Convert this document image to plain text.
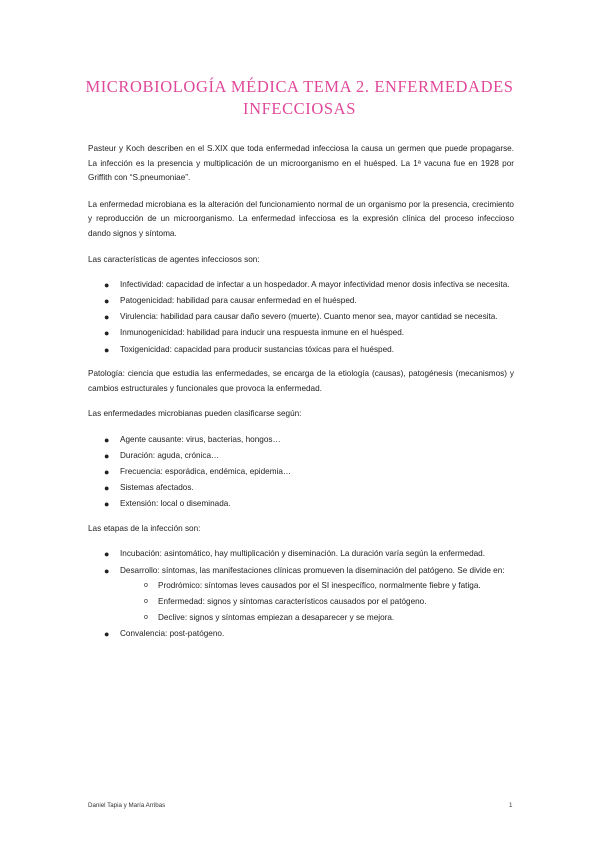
MICROBIOLOGÍA MÉDICA TEMA 2. ENFERMEDADES INFECCIOSAS

Pasteur y Koch describen en el S.XIX que toda enfermedad infecciosa la causa un germen que puede propagarse. La infección es la presencia y multiplicación de un microorganismo en el huésped. La 1ª vacuna fue en 1928 por Griffith con “S.pneumoniae”.

La enfermedad microbiana es la alteración del funcionamiento normal de un organismo por la presencia, crecimiento y reproducción de un microorganismo. La enfermedad infecciosa es la expresión clínica del proceso infeccioso dando signos y síntoma.

Las características de agentes infecciosos son:

● Infectividad: capacidad de infectar a un hospedador. A mayor infectividad menor dosis infectiva se necesita.
● Patogenicidad: habilidad para causar enfermedad en el huésped.
● Virulencia: habilidad para causar daño severo (muerte). Cuanto menor sea, mayor cantidad se necesita.
● Inmunogenicidad: habilidad para inducir una respuesta inmune en el huésped.
● Toxigenicidad: capacidad para producir sustancias tóxicas para el huésped.

Patología: ciencia que estudia las enfermedades, se encarga de la etiología (causas), patogénesis (mecanismos) y cambios estructurales y funcionales que provoca la enfermedad.

Las enfermedades microbianas pueden clasificarse según:

● Agente causante: virus, bacterias, hongos…
● Duración: aguda, crónica…
● Frecuencia: esporádica, endémica, epidemia…
● Sistemas afectados.
● Extensión: local o diseminada.

Las etapas de la infección son:

● Incubación: asintomático, hay multiplicación y diseminación. La duración varía según la enfermedad.
● Desarrollo: síntomas, las manifestaciones clínicas promueven la diseminación del patógeno. Se divide en:
o Prodrómico: síntomas leves causados por el SI inespecífico, normalmente fiebre y fatiga.
o Enfermedad: signos y síntomas característicos causados por el patógeno.
o Declive: signos y síntomas empiezan a desaparecer y se mejora.
● Convalencia: post-patógeno.
Daniel Tapia y María Arribas	1
